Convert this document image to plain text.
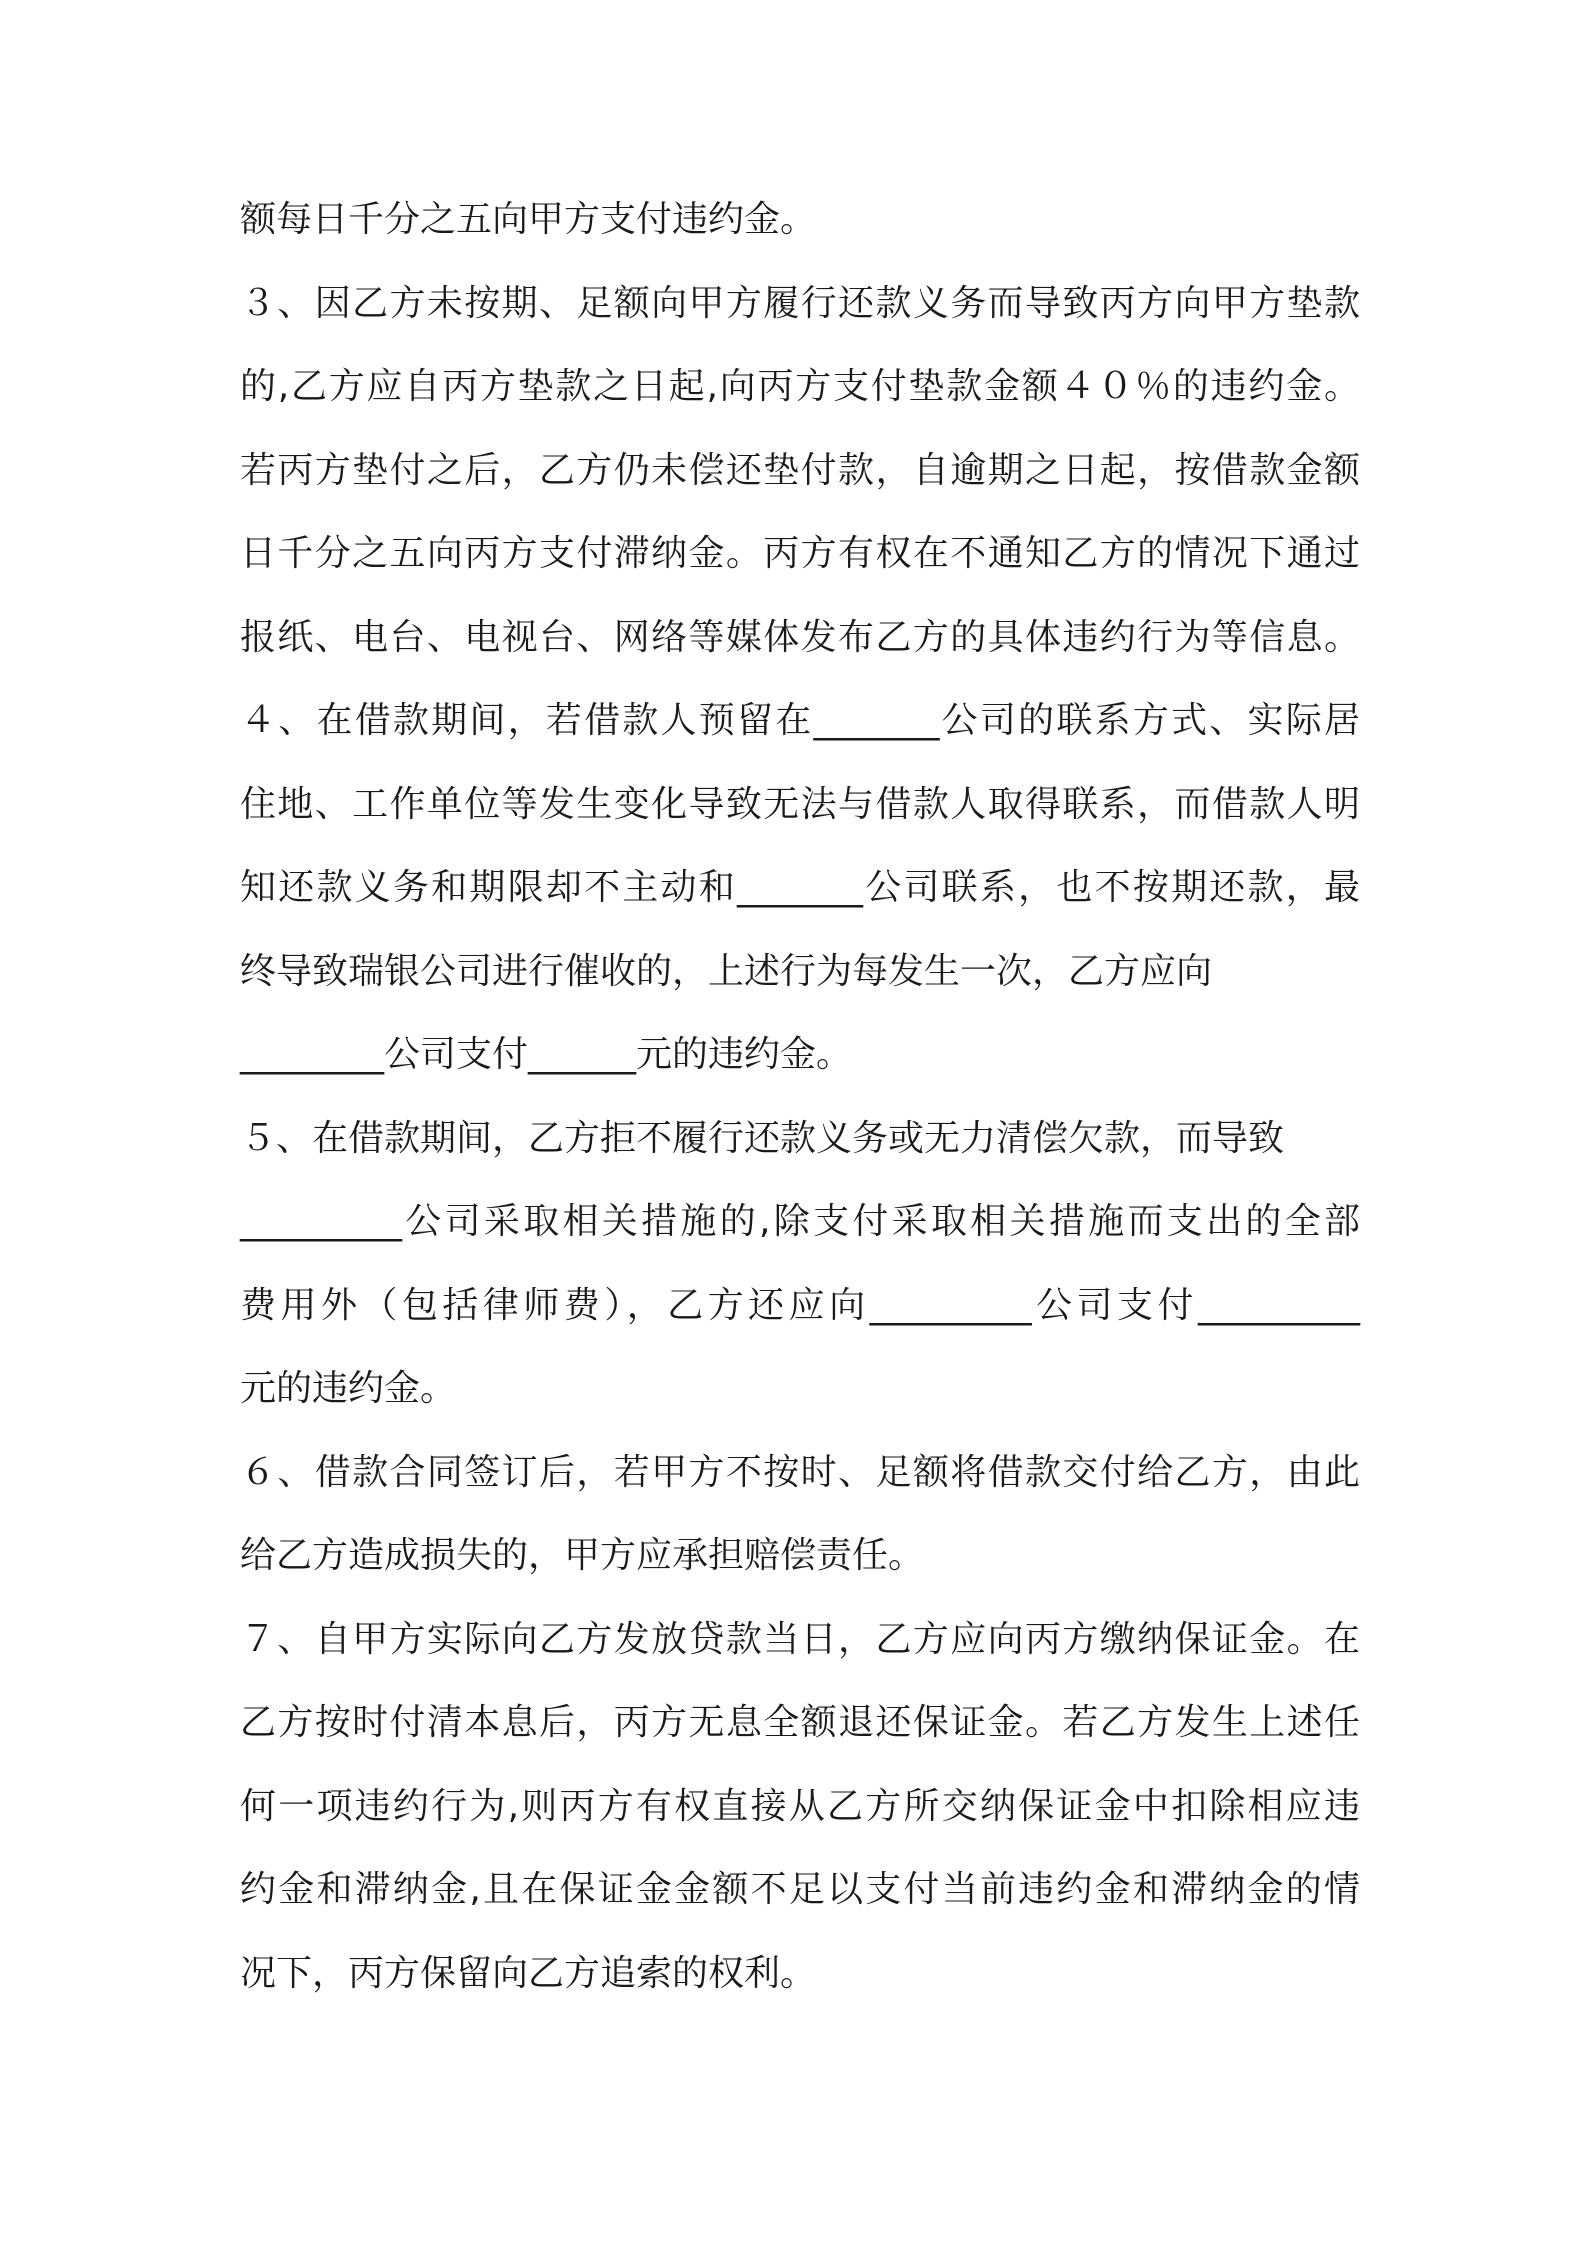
额每日千分之五向甲方支付违约金。
３、因乙方未按期、足额向甲方履行还款义务而导致丙方向甲方垫款
的,乙方应自丙方垫款之日起,向丙方支付垫款金额４０％的违约金。
若丙方垫付之后，乙方仍未偿还垫付款，自逾期之日起，按借款金额
日千分之五向丙方支付滞纳金。丙方有权在不通知乙方的情况下通过
报纸、电台、电视台、网络等媒体发布乙方的具体违约行为等信息。
４、在借款期间，若借款人预留在_______公司的联系方式、实际居
住地、工作单位等发生变化导致无法与借款人取得联系，而借款人明
知还款义务和期限却不主动和_______公司联系，也不按期还款，最
终导致瑞银公司进行催收的，上述行为每发生一次，乙方应向
________公司支付______元的违约金。
５、在借款期间，乙方拒不履行还款义务或无力清偿欠款，而导致
_________公司采取相关措施的,除支付采取相关措施而支出的全部
费用外（包括律师费），乙方还应向_________公司支付_________
元的违约金。
６、借款合同签订后，若甲方不按时、足额将借款交付给乙方，由此
给乙方造成损失的，甲方应承担赔偿责任。
７、自甲方实际向乙方发放贷款当日，乙方应向丙方缴纳保证金。在
乙方按时付清本息后，丙方无息全额退还保证金。若乙方发生上述任
何一项违约行为,则丙方有权直接从乙方所交纳保证金中扣除相应违
约金和滞纳金,且在保证金金额不足以支付当前违约金和滞纳金的情
况下，丙方保留向乙方追索的权利。
